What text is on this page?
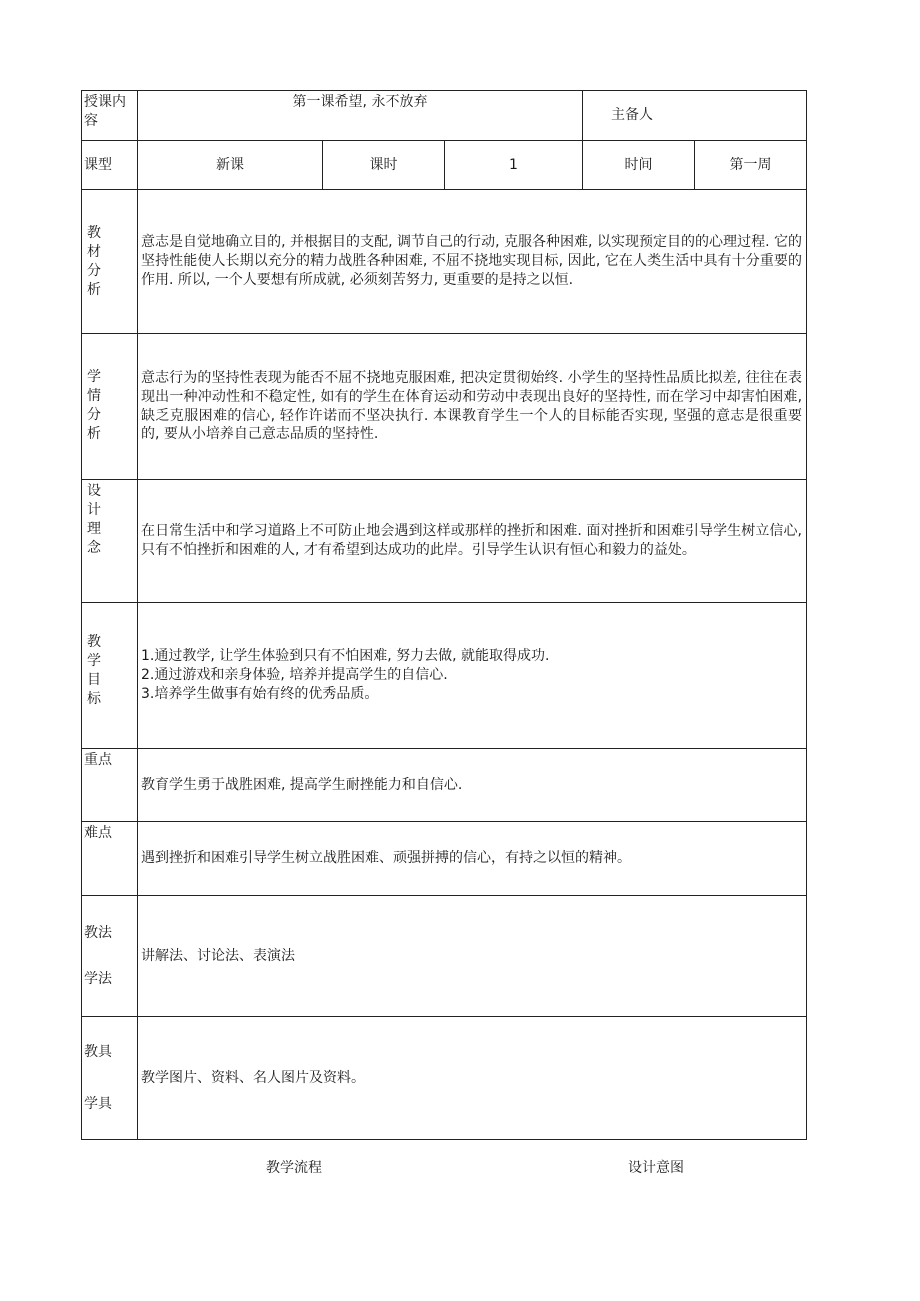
授课内容	第一课希望, 永不放弃			主备人	
课型	新课	课时	1	时间	第一周

教材分析	意志是自觉地确立目的, 并根据目的支配, 调节自己的行动, 克服各种困难, 以实现预定目的的心理过程. 它的坚持性能使人长期以充分的精力战胜各种困难, 不屈不挠地实现目标, 因此, 它在人类生活中具有十分重要的作用. 所以, 一个人要想有所成就, 必须刻苦努力, 更重要的是持之以恒.				

学情分析	意志行为的坚持性表现为能否不屈不挠地克服困难, 把决定贯彻始终. 小学生的坚持性品质比拟差, 往往在表现出一种冲动性和不稳定性, 如有的学生在体育运动和劳动中表现出良好的坚持性, 而在学习中却害怕困难, 缺乏克服困难的信心, 轻作许诺而不坚决执行. 本课教育学生一个人的目标能否实现, 坚强的意志是很重要的, 要从小培养自己意志品质的坚持性.				

设计理念	在日常生活中和学习道路上不可防止地会遇到这样或那样的挫折和困难. 面对挫折和困难引导学生树立信心, 只有不怕挫折和困难的人, 才有希望到达成功的此岸。引导学生认识有恒心和毅力的益处。				

教学目标	1.通过教学, 让学生体验到只有不怕困难, 努力去做, 就能取得成功.
2.通过游戏和亲身体验, 培养并提高学生的自信心.
3.培养学生做事有始有终的优秀品质。				

重点	教育学生勇于战胜困难, 提高学生耐挫能力和自信心.				
难点	遇到挫折和困难引导学生树立战胜困难、顽强拼搏的信心，有持之以恒的精神。				

教法
学法	讲解法、讨论法、表演法				

教具
学具	教学图片、资料、名人图片及资料。				
教学流程	设计意图
